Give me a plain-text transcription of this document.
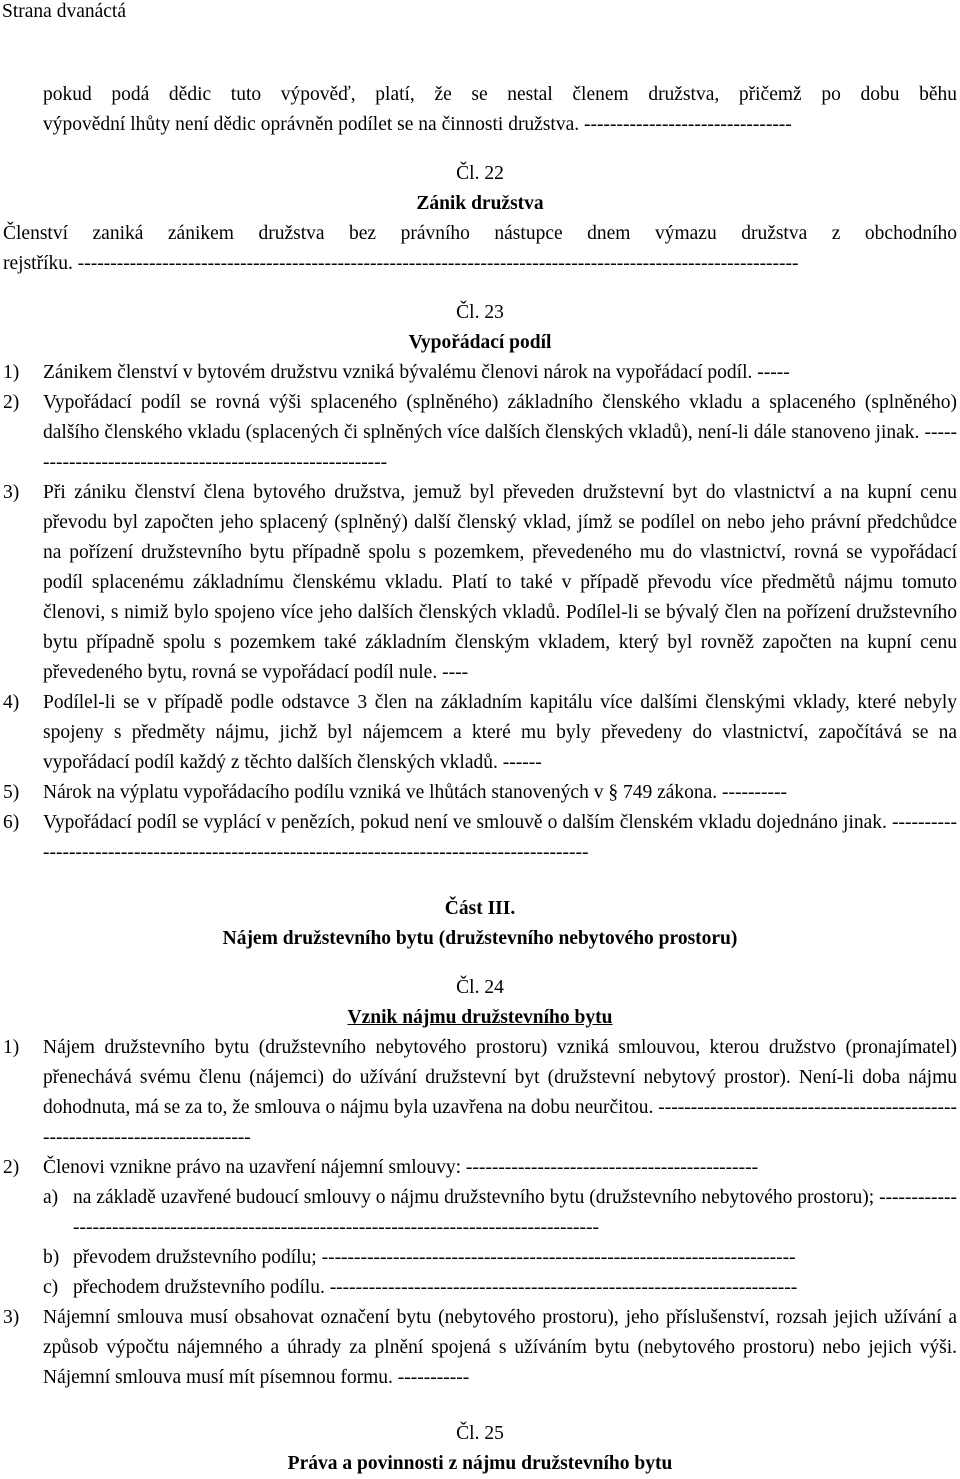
Strana dvanáctá

pokud podá dědic tuto výpověď, platí, že se nestal členem družstva, přičemž po dobu běhu

výpovědní lhůty není dědic oprávněn podílet se na činnosti družstva. --------------------------------

Čl. 22
Zánik družstva

Členství zaniká zánikem družstva bez právního nástupce dnem výmazu družstva z obchodního

rejstříku. ---------------------------------------------------------------------------------------------------------------

Čl. 23
Vypořádací podíl
1)	Zánikem členství v bytovém družstvu vzniká bývalému členovi nárok na vypořádací podíl. -----
2)	Vypořádací podíl se rovná výši splaceného (splněného) základního členského vkladu a splaceného (splněného) dalšího členského vkladu (splacených či splněných více dalších členských vkladů), není-li dále stanoveno jinak. ----------------------------------------------------------
3)	Při zániku členství člena bytového družstva, jemuž byl převeden družstevní byt do vlastnictví a na kupní cenu převodu byl započten jeho splacený (splněný) další členský vklad, jímž se podílel on nebo jeho právní předchůdce na pořízení družstevního bytu případně spolu s pozemkem, převedeného mu do vlastnictví, rovná se vypořádací podíl splacenému základnímu členskému vkladu. Platí to také v případě převodu více předmětů nájmu tomuto členovi, s nimiž bylo spojeno více jeho dalších členských vkladů. Podílel-li se bývalý člen na pořízení družstevního bytu případně spolu s pozemkem také základním členským vkladem, který byl rovněž započten na kupní cenu převedeného bytu, rovná se vypořádací podíl nule. ----
4)	Podílel-li se v případě podle odstavce 3 člen na základním kapitálu více dalšími členskými vklady, které nebyly spojeny s předměty nájmu, jichž byl nájemcem a které mu byly převedeny do vlastnictví, započítává se na vypořádací podíl každý z těchto dalších členských vkladů. ------
5)	Nárok na výplatu vypořádacího podílu vzniká ve lhůtách stanovených v § 749 zákona. ----------
6)	Vypořádací podíl se vyplácí v penězích, pokud není ve smlouvě o dalším členském vkladu dojednáno jinak. ----------------------------------------------------------------------------------------------
Část III.
Nájem družstevního bytu (družstevního nebytového prostoru)
Čl. 24
Vznik nájmu družstevního bytu
1)	Nájem družstevního bytu (družstevního nebytového prostoru) vzniká smlouvou, kterou družstvo (pronajímatel) přenechává svému členu (nájemci) do užívání družstevní byt (družstevní nebytový prostor). Není-li doba nájmu dohodnuta, má se za to, že smlouva o nájmu byla uzavřena na dobu neurčitou. ------------------------------------------------------------------------------
2)	Členovi vznikne právo na uzavření nájemní smlouvy: ---------------------------------------------
a) na základě uzavřené budoucí smlouvy o nájmu družstevního bytu (družstevního nebytového prostoru); ---------------------------------------------------------------------------------------------
b) převodem družstevního podílu; -------------------------------------------------------------------------
c) přechodem družstevního podílu. ------------------------------------------------------------------------
3)	Nájemní smlouva musí obsahovat označení bytu (nebytového prostoru), jeho příslušenství, rozsah jejich užívání a způsob výpočtu nájemného a úhrady za plnění spojená s užíváním bytu (nebytového prostoru) nebo jejich výši. Nájemní smlouva musí mít písemnou formu. -----------
Čl. 25
Práva a povinnosti z nájmu družstevního bytu
